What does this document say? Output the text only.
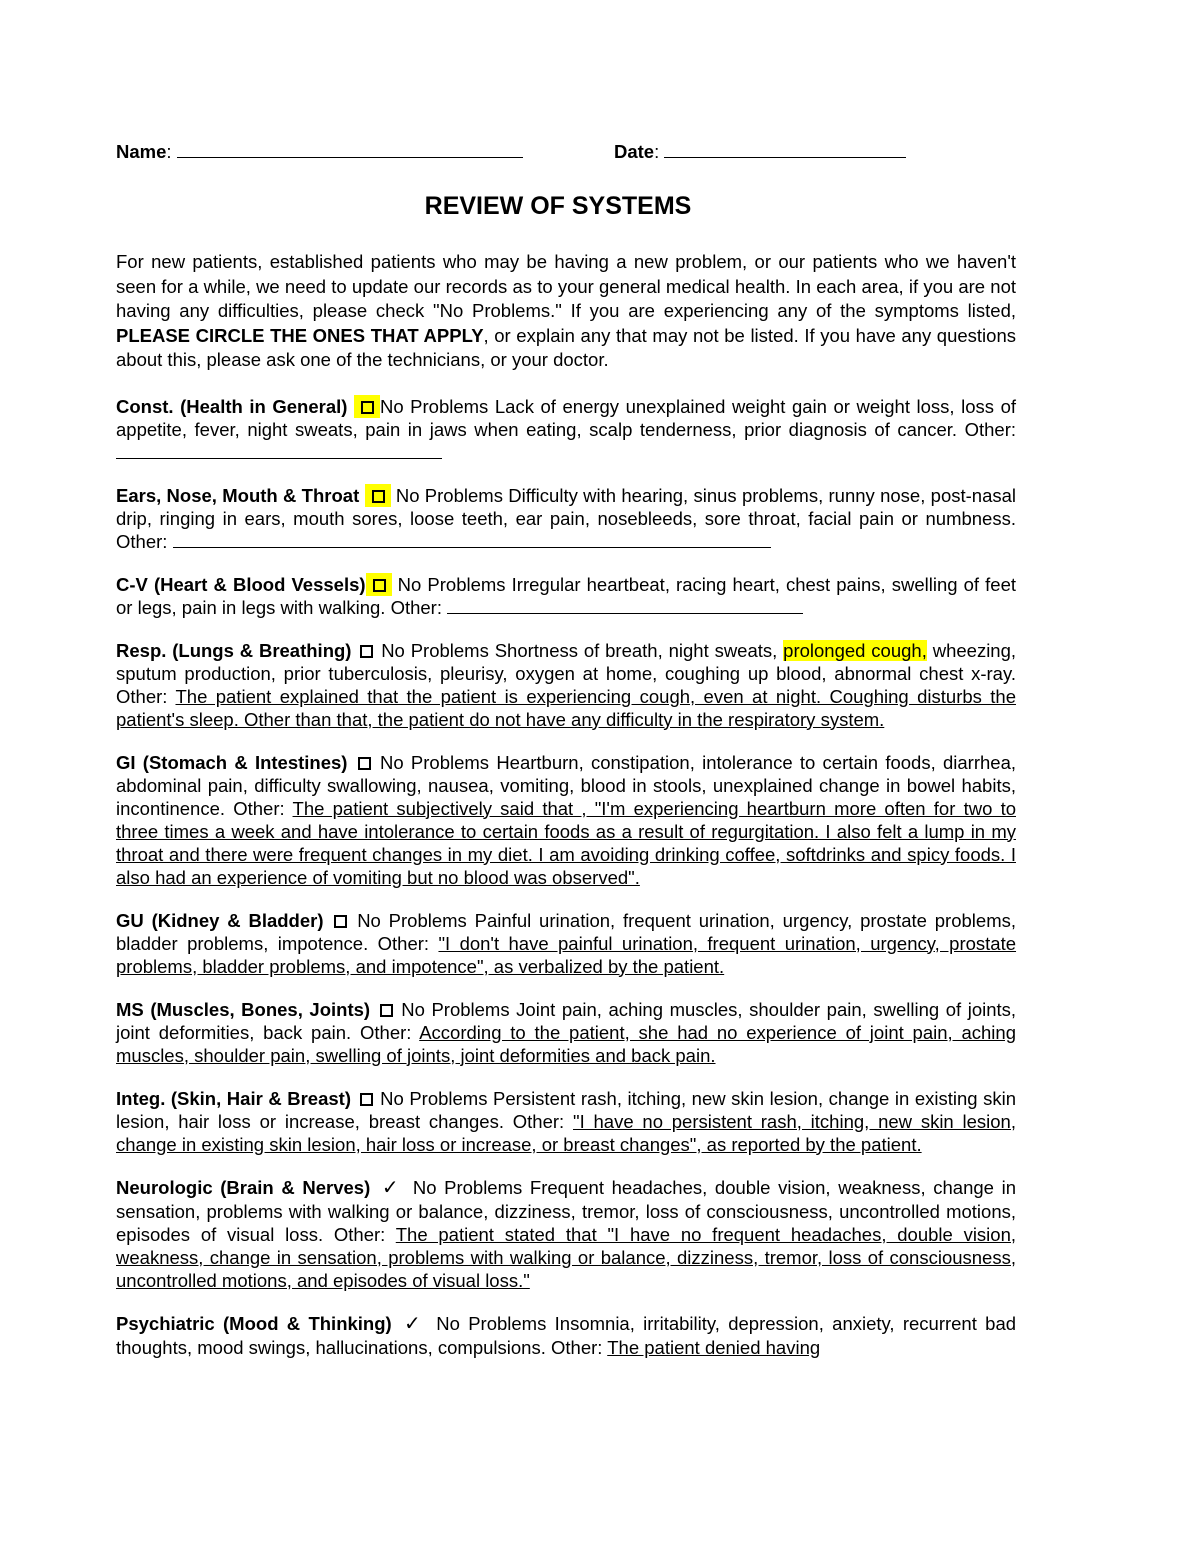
Name:	Date:
REVIEW OF SYSTEMS

For new patients, established patients who may be having a new problem, or our patients who we haven't seen for a while, we need to update our records as to your general medical health. In each area, if you are not having any difficulties, please check "No Problems." If you are experiencing any of the symptoms listed, PLEASE CIRCLE THE ONES THAT APPLY, or explain any that may not be listed. If you have any questions about this, please ask one of the technicians, or your doctor.

Const. (Health in General) No Problems Lack of energy unexplained weight gain or weight loss, loss of appetite, fever, night sweats, pain in jaws when eating, scalp tenderness, prior diagnosis of cancer. Other:

Ears, Nose, Mouth & Throat No Problems Difficulty with hearing, sinus problems, runny nose, post-nasal drip, ringing in ears, mouth sores, loose teeth, ear pain, nosebleeds, sore throat, facial pain or numbness. Other:

C-V (Heart & Blood Vessels) No Problems Irregular heartbeat, racing heart, chest pains, swelling of feet or legs, pain in legs with walking. Other:

Resp. (Lungs & Breathing) No Problems Shortness of breath, night sweats, prolonged cough, wheezing, sputum production, prior tuberculosis, pleurisy, oxygen at home, coughing up blood, abnormal chest x-ray. Other: The patient explained that the patient is experiencing cough, even at night. Coughing disturbs the patient's sleep. Other than that, the patient do not have any difficulty in the respiratory system.

GI (Stomach & Intestines) No Problems Heartburn, constipation, intolerance to certain foods, diarrhea, abdominal pain, difficulty swallowing, nausea, vomiting, blood in stools, unexplained change in bowel habits, incontinence. Other: The patient subjectively said that , "I'm experiencing heartburn more often for two to three times a week and have intolerance to certain foods as a result of regurgitation. I also felt a lump in my throat and there were frequent changes in my diet. I am avoiding drinking coffee, softdrinks and spicy foods. I also had an experience of vomiting but no blood was observed".

GU (Kidney & Bladder) No Problems Painful urination, frequent urination, urgency, prostate problems, bladder problems, impotence. Other: "I don't have painful urination, frequent urination, urgency, prostate problems, bladder problems, and impotence", as verbalized by the patient.

MS (Muscles, Bones, Joints) No Problems Joint pain, aching muscles, shoulder pain, swelling of joints, joint deformities, back pain. Other: According to the patient, she had no experience of joint pain, aching muscles, shoulder pain, swelling of joints, joint deformities and back pain.

Integ. (Skin, Hair & Breast) No Problems Persistent rash, itching, new skin lesion, change in existing skin lesion, hair loss or increase, breast changes. Other: "I have no persistent rash, itching, new skin lesion, change in existing skin lesion, hair loss or increase, or breast changes", as reported by the patient.

Neurologic (Brain & Nerves) ✓ No Problems Frequent headaches, double vision, weakness, change in sensation, problems with walking or balance, dizziness, tremor, loss of consciousness, uncontrolled motions, episodes of visual loss. Other: The patient stated that "I have no frequent headaches, double vision, weakness, change in sensation, problems with walking or balance, dizziness, tremor, loss of consciousness, uncontrolled motions, and episodes of visual loss."

Psychiatric (Mood & Thinking) ✓ No Problems Insomnia, irritability, depression, anxiety, recurrent bad thoughts, mood swings, hallucinations, compulsions. Other: The patient denied having
